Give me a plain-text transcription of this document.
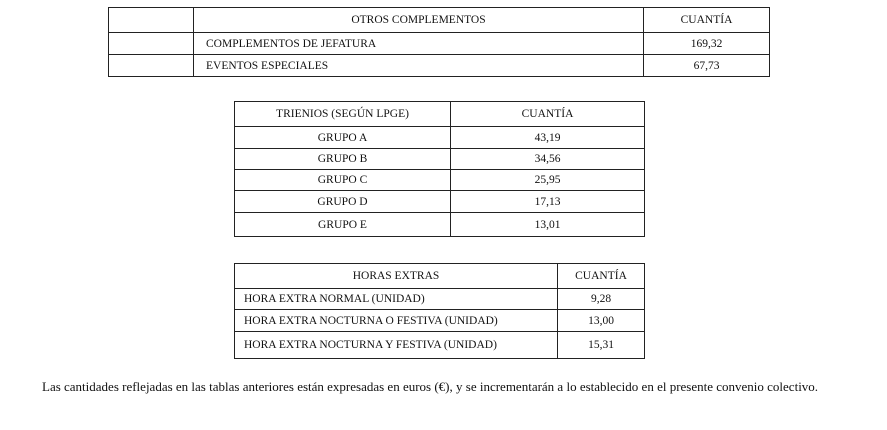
	OTROS COMPLEMENTOS	CUANTÍA
	COMPLEMENTOS DE JEFATURA	169,32
	EVENTOS ESPECIALES	67,73
TRIENIOS (SEGÚN LPGE)	CUANTÍA
GRUPO A	43,19
GRUPO B	34,56
GRUPO C	25,95
GRUPO D	17,13
GRUPO E	13,01
HORAS EXTRAS	CUANTÍA
HORA EXTRA NORMAL (UNIDAD)	9,28
HORA EXTRA NOCTURNA O FESTIVA (UNIDAD)	13,00
HORA EXTRA NOCTURNA Y FESTIVA (UNIDAD)	15,31

Las cantidades reflejadas en las tablas anteriores están expresadas en euros (€), y se incrementarán a lo establecido en el presente convenio colectivo.
